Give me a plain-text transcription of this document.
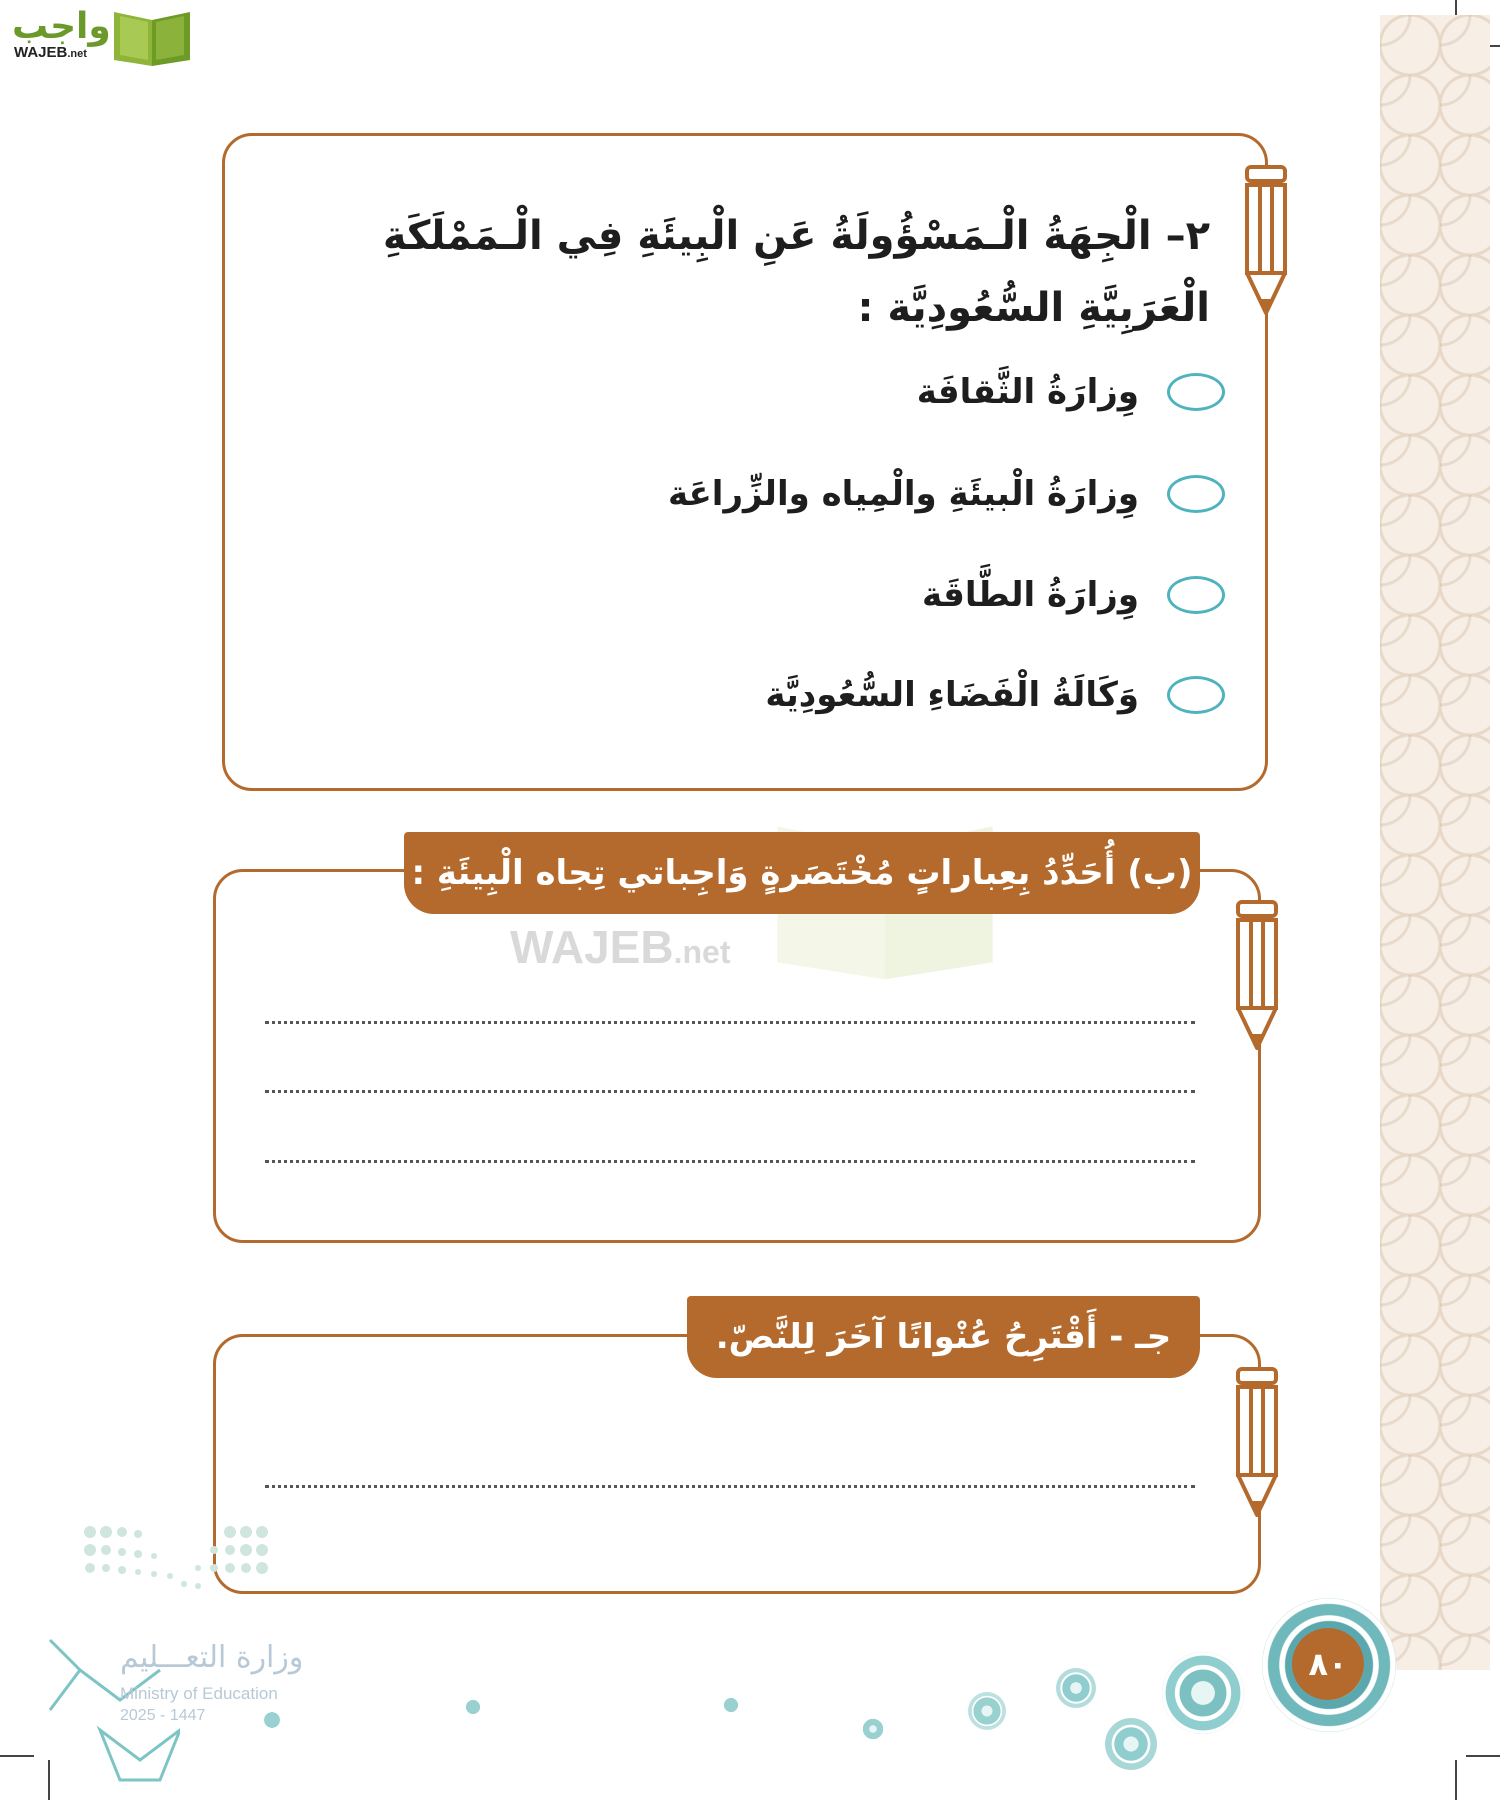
واجب
WAJEB.net
WAJEB.net
٢– الْجِهَةُ الْـمَسْؤُولَةُ عَنِ الْبِيئَةِ فِي الْـمَمْلَكَةِ الْعَرَبِيَّةِ السُّعُودِيَّة :
وِزارَةُ الثَّقافَة
وِزارَةُ الْبيئَةِ والْمِياه والزِّراعَة
وِزارَةُ الطَّاقَة
وَكَالَةُ الْفَضَاءِ السُّعُودِيَّة
(ب) أُحَدِّدُ بِعِباراتٍ مُخْتَصَرةٍ وَاجِباتي تِجاه الْبِيئَةِ :
جـ - أَقْتَرِحُ عُنْوانًا آخَرَ لِلنَّصّ.
وزارة التعـــليم
Ministry of Education
2025 - 1447
٨٠
